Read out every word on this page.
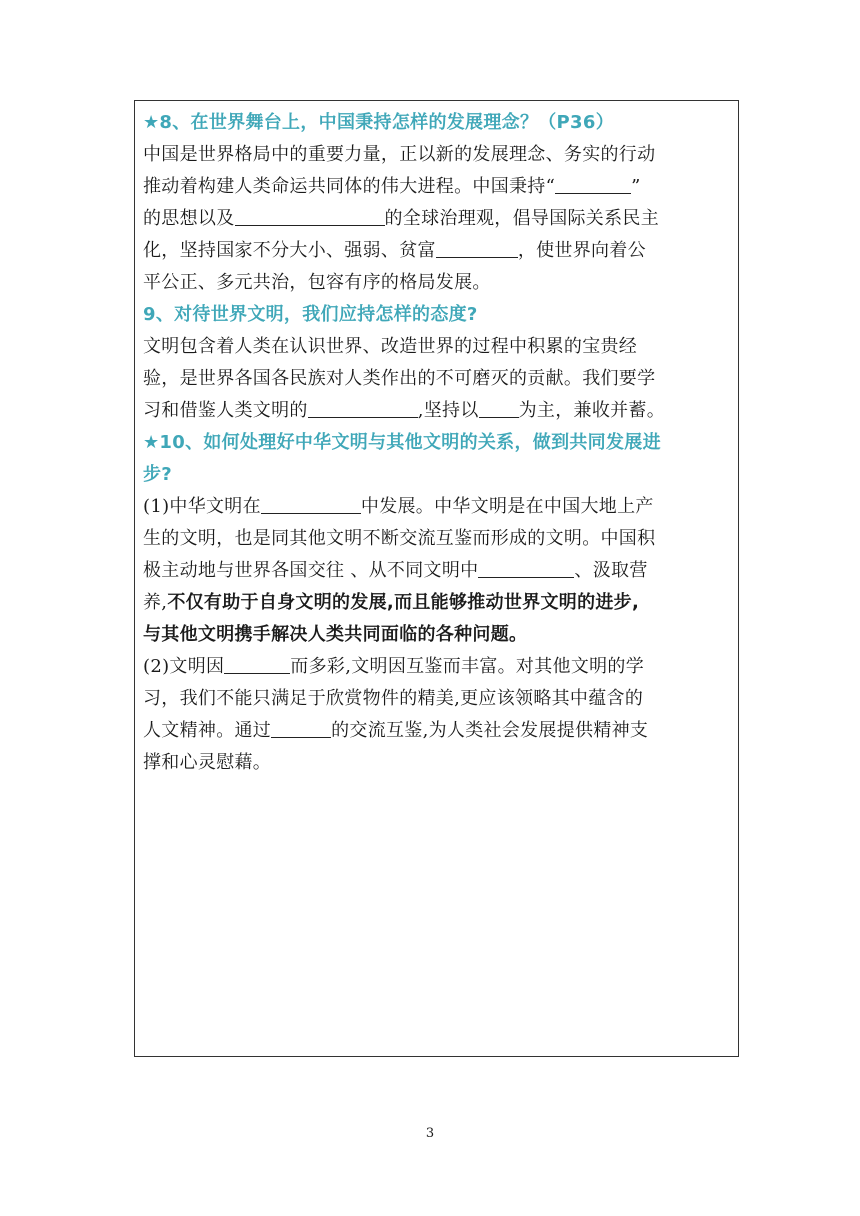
★8、在世界舞台上，中国秉持怎样的发展理念？（P36）
中国是世界格局中的重要力量，正以新的发展理念、务实的行动
推动着构建人类命运共同体的伟大进程。中国秉持“	”
的思想以及	的全球治理观，倡导国际关系民主
化，坚持国家不分大小、强弱、贫富	，使世界向着公
平公正、多元共治，包容有序的格局发展。
9、对待世界文明，我们应持怎样的态度?
文明包含着人类在认识世界、改造世界的过程中积累的宝贵经
验，是世界各国各民族对人类作出的不可磨灭的贡献。我们要学
习和借鉴人类文明的	,坚持以 为主，兼收并蓄。
★10、如何处理好中华文明与其他文明的关系，做到共同发展进
步?
(1)中华文明在	中发展。中华文明是在中国大地上产
生的文明，也是同其他文明不断交流互鉴而形成的文明。中国积
极主动地与世界各国交往 、从不同文明中	、汲取营
养,不仅有助于自身文明的发展,而且能够推动世界文明的进步,
与其他文明携手解决人类共同面临的各种问题。
(2)文明因	而多彩,文明因互鉴而丰富。对其他文明的学
习，我们不能只满足于欣赏物件的精美,更应该领略其中蕴含的
人文精神。通过	的交流互鉴,为人类社会发展提供精神支
撑和心灵慰藉。
3
